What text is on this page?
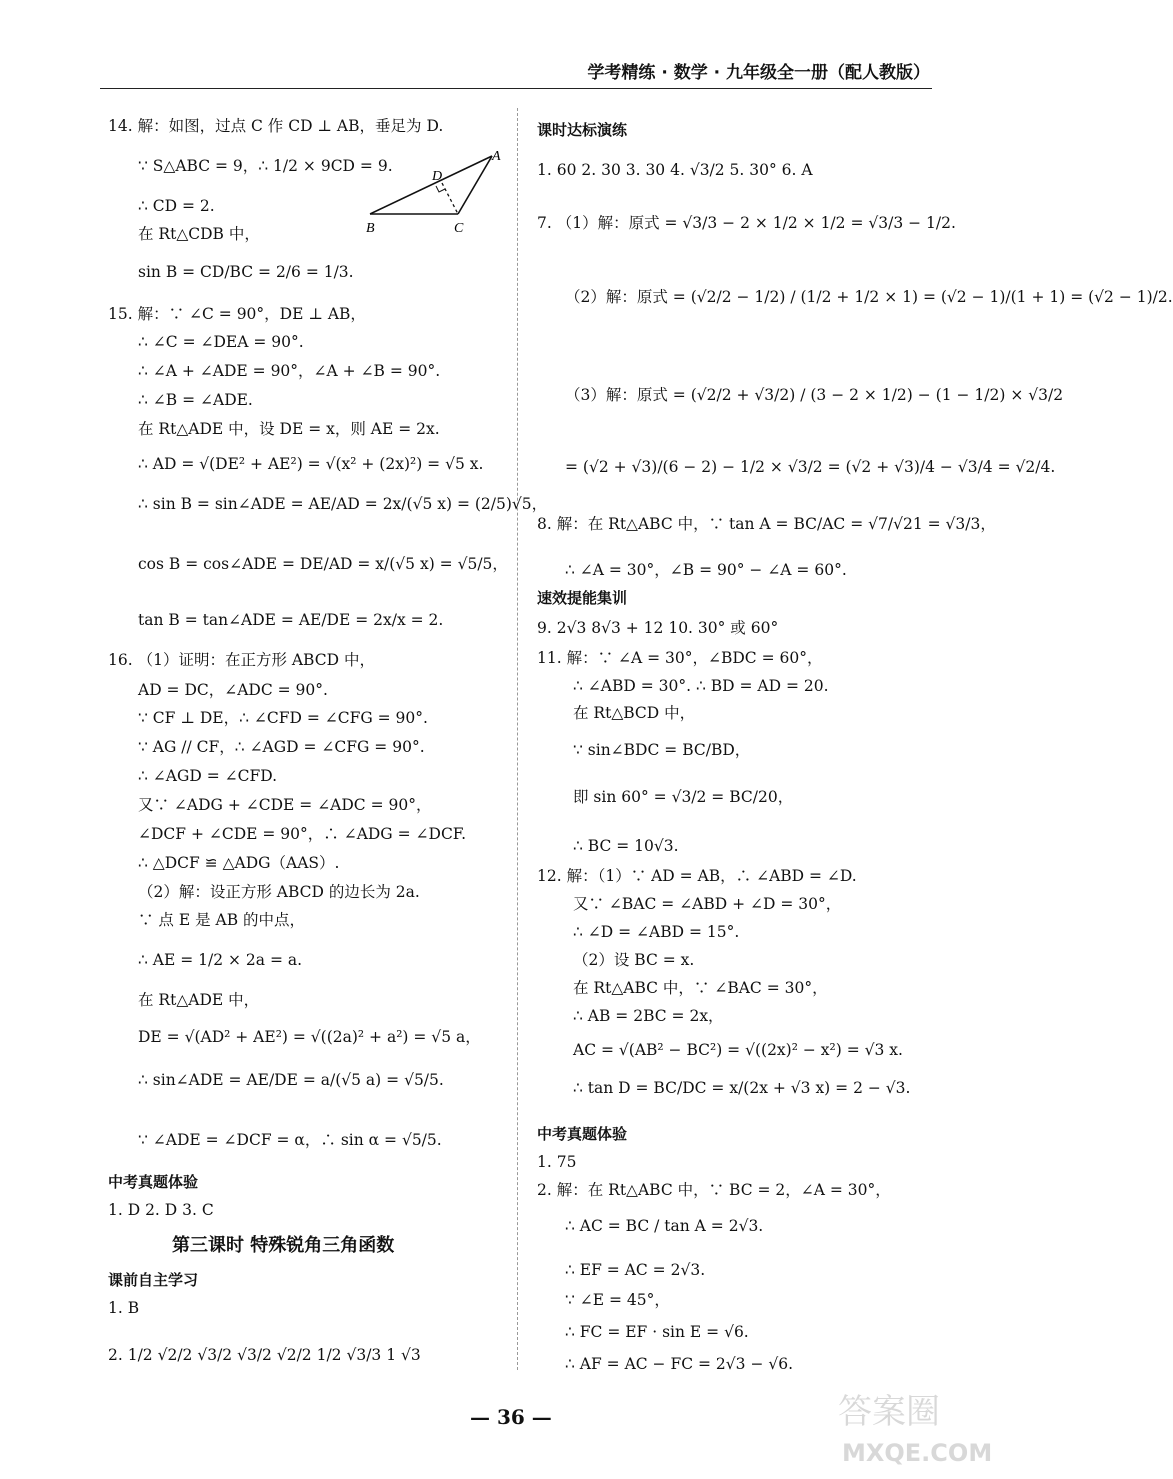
学考精练 · 数学 · 九年级全一册（配人教版）
14. 解：如图，过点 C 作 CD ⊥ AB，垂足为 D.
∵ S△ABC = 9，∴ 1/2 × 9CD = 9.
∴ CD = 2.
在 Rt△CDB 中，
sin B = CD/BC = 2/6 = 1/3.
15. 解：∵ ∠C = 90°，DE ⊥ AB，
∴ ∠C = ∠DEA = 90°.
∴ ∠A + ∠ADE = 90°，∠A + ∠B = 90°.
∴ ∠B = ∠ADE.
在 Rt△ADE 中，设 DE = x，则 AE = 2x.
∴ AD = √(DE² + AE²) = √(x² + (2x)²) = √5 x.
∴ sin B = sin∠ADE = AE/AD = 2x/(√5 x) = (2/5)√5，
cos B = cos∠ADE = DE/AD = x/(√5 x) = √5/5，
tan B = tan∠ADE = AE/DE = 2x/x = 2.
16. （1）证明：在正方形 ABCD 中，
AD = DC，∠ADC = 90°.
∵ CF ⊥ DE，∴ ∠CFD = ∠CFG = 90°.
∵ AG // CF，∴ ∠AGD = ∠CFG = 90°.
∴ ∠AGD = ∠CFD.
又∵ ∠ADG + ∠CDE = ∠ADC = 90°，
∠DCF + ∠CDE = 90°，∴ ∠ADG = ∠DCF.
∴ △DCF ≌ △ADG（AAS）.
（2）解：设正方形 ABCD 的边长为 2a.
∵ 点 E 是 AB 的中点，
∴ AE = 1/2 × 2a = a.
在 Rt△ADE 中，
DE = √(AD² + AE²) = √((2a)² + a²) = √5 a，
∴ sin∠ADE = AE/DE = a/(√5 a) = √5/5.
∵ ∠ADE = ∠DCF = α，∴ sin α = √5/5.
中考真题体验
1. D 2. D 3. C
第三课时 特殊锐角三角函数
课前自主学习
1. B
2. 1/2 √2/2 √3/2 √3/2 √2/2 1/2 √3/3 1 √3
课时达标演练
1. 60 2. 30 3. 30 4. √3/2 5. 30° 6. A
7. （1）解：原式 = √3/3 − 2 × 1/2 × 1/2 = √3/3 − 1/2.
（2）解：原式 = (√2/2 − 1/2) / (1/2 + 1/2 × 1) = (√2 − 1)/(1 + 1) = (√2 − 1)/2.
（3）解：原式 = (√2/2 + √3/2) / (3 − 2 × 1/2) − (1 − 1/2) × √3/2
= (√2 + √3)/(6 − 2) − 1/2 × √3/2 = (√2 + √3)/4 − √3/4 = √2/4.
8. 解：在 Rt△ABC 中，∵ tan A = BC/AC = √7/√21 = √3/3，
∴ ∠A = 30°，∠B = 90° − ∠A = 60°.
速效提能集训
9. 2√3 8√3 + 12 10. 30° 或 60°
11. 解：∵ ∠A = 30°，∠BDC = 60°，
∴ ∠ABD = 30°. ∴ BD = AD = 20.
在 Rt△BCD 中，
∵ sin∠BDC = BC/BD，
即 sin 60° = √3/2 = BC/20，
∴ BC = 10√3.
12. 解：（1）∵ AD = AB，∴ ∠ABD = ∠D.
又∵ ∠BAC = ∠ABD + ∠D = 30°，
∴ ∠D = ∠ABD = 15°.
（2）设 BC = x.
在 Rt△ABC 中，∵ ∠BAC = 30°，
∴ AB = 2BC = 2x，
AC = √(AB² − BC²) = √((2x)² − x²) = √3 x.
∴ tan D = BC/DC = x/(2x + √3 x) = 2 − √3.
中考真题体验
1. 75
2. 解：在 Rt△ABC 中，∵ BC = 2，∠A = 30°，
∴ AC = BC / tan A = 2√3.
∴ EF = AC = 2√3.
∵ ∠E = 45°，
∴ FC = EF · sin E = √6.
∴ AF = AC − FC = 2√3 − √6.
A
B	C
D
— 36 —	答案圈
MXQE.COM
